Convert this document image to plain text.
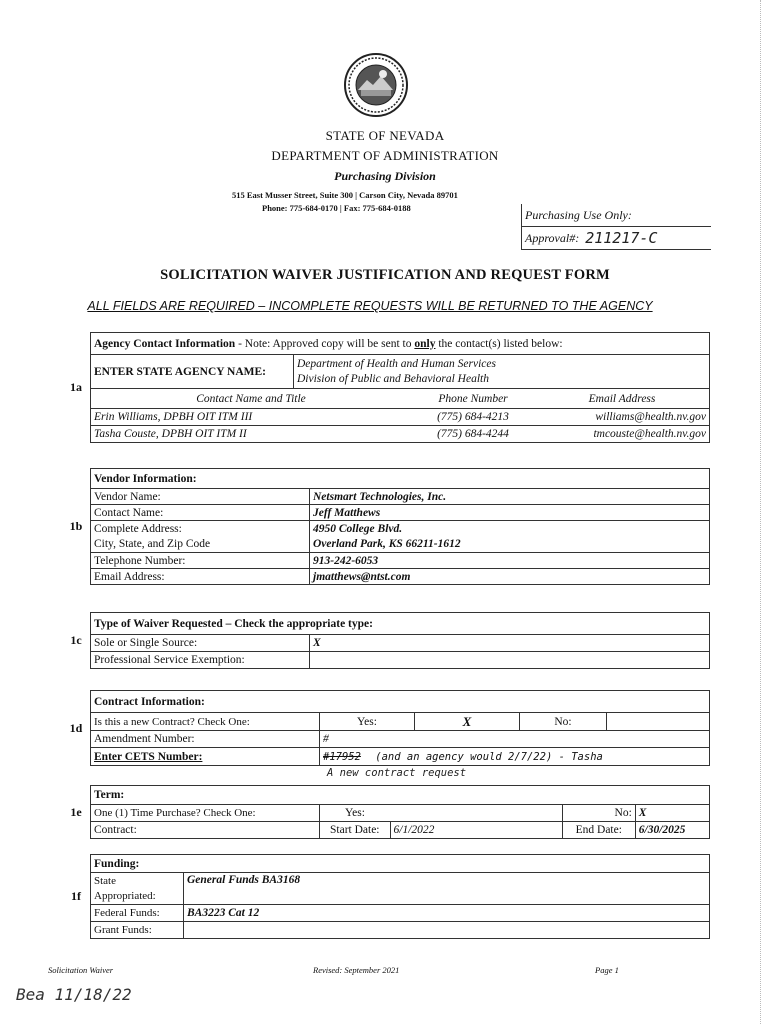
STATE OF NEVADA
DEPARTMENT OF ADMINISTRATION
Purchasing Division
515 East Musser Street, Suite 300 | Carson City, Nevada 89701
Phone: 775-684-0170 | Fax: 775-684-0188	Purchasing Use Only:
Approval#: 211217-C
SOLICITATION WAIVER JUSTIFICATION AND REQUEST FORM
ALL FIELDS ARE REQUIRED – INCOMPLETE REQUESTS WILL BE RETURNED TO THE AGENCY
1a	Agency Contact Information - Note: Approved copy will be sent to only the contact(s) listed below:			
	ENTER STATE AGENCY NAME:	Department of Health and Human Services
Division of Public and Behavioral Health		

	Contact Name and Title		Phone Number	Email Address
	Erin Williams, DPBH OIT ITM III		(775) 684-4213	williams@health.nv.gov
	Tasha Couste, DPBH OIT ITM II		(775) 684-4244	tmcouste@health.nv.gov
1b	Vendor Information:	
	Vendor Name:	Netsmart Technologies, Inc.
	Contact Name:	Jeff Matthews
	Complete Address:	4950 College Blvd.
	City, State, and Zip Code	Overland Park, KS 66211-1612
	Telephone Number:	913-242-6053
	Email Address:	jmatthews@ntst.com
1c	Type of Waiver Requested – Check the appropriate type:	
	Sole or Single Source:	X
	Professional Service Exemption:	
1d	Contract Information:				
	Is this a new Contract? Check One:	Yes:	X	No:	
	Amendment Number:	#			
	Enter CETS Number:	#17952 (and an agency would 2/7/22) - Tasha			
A new contract request
1e	Term:				
	One (1) Time Purchase? Check One:	Yes:		No:	X
	Contract:	Start Date:	6/1/2022	End Date:	6/30/2025
1f	Funding:	
	State	General Funds BA3168
	Appropriated:	
	Federal Funds:	BA3223 Cat 12
	Grant Funds:	
Solicitation Waiver	Revised: September 2021	Page 1
Bea 11/18/22
